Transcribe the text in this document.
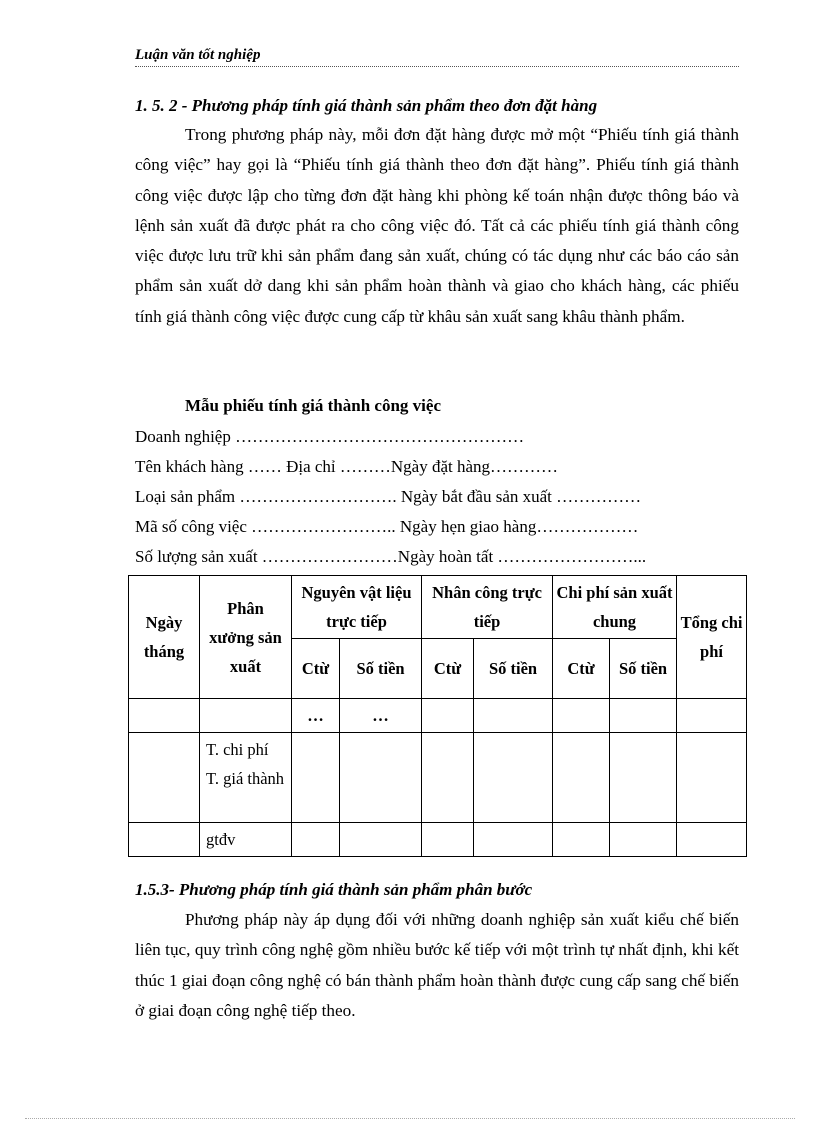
Luận văn tốt nghiệp
1. 5. 2 - Phương pháp tính giá thành sản phẩm theo đơn đặt hàng
Trong phương pháp này, mỗi đơn đặt hàng được mở một “Phiếu tính giá thành công việc” hay gọi là “Phiếu tính giá thành theo đơn đặt hàng”. Phiếu tính giá thành công việc được lập cho từng đơn đặt hàng khi phòng kế toán nhận được thông báo và lệnh sản xuất đã được phát ra cho công việc đó. Tất cả các phiếu tính giá thành công việc được lưu trữ khi sản phẩm đang sản xuất, chúng có tác dụng như các báo cáo sản phẩm sản xuất dở dang khi sản phẩm hoàn thành và giao cho khách hàng, các phiếu tính giá thành công việc được cung cấp từ khâu sản xuất sang khâu thành phẩm.
Mẫu phiếu tính giá thành công việc
Doanh nghiệp ……………………………………………
Tên khách hàng …… Địa chỉ ………Ngày đặt hàng…………
Loại sản phẩm ………………………. Ngày bắt đầu sản xuất ……………
Mã số công việc …………………….. Ngày hẹn giao hàng………………
Số lượng sản xuất ……………………Ngày hoàn tất ……………………...
Ngày tháng	Phân xưởng sản xuất	Nguyên vật liệu trực tiếp		Nhân công trực tiếp		Chi phí sản xuất chung		Tổng chi phí
		Ctừ	Số tiền	Ctừ	Số tiền	Ctừ	Số tiền	
		…	…					

	T. chi phí
T. giá thành							

	gtđv							
1.5.3- Phương pháp tính giá thành sản phẩm phân bước
Phương pháp này áp dụng đối với những doanh nghiệp sản xuất kiểu chế biến liên tục, quy trình công nghệ gồm nhiều bước kế tiếp với một trình tự nhất định, khi kết thúc 1 giai đoạn công nghệ có bán thành phẩm hoàn thành được cung cấp sang chế biến ở giai đoạn công nghệ tiếp theo.
